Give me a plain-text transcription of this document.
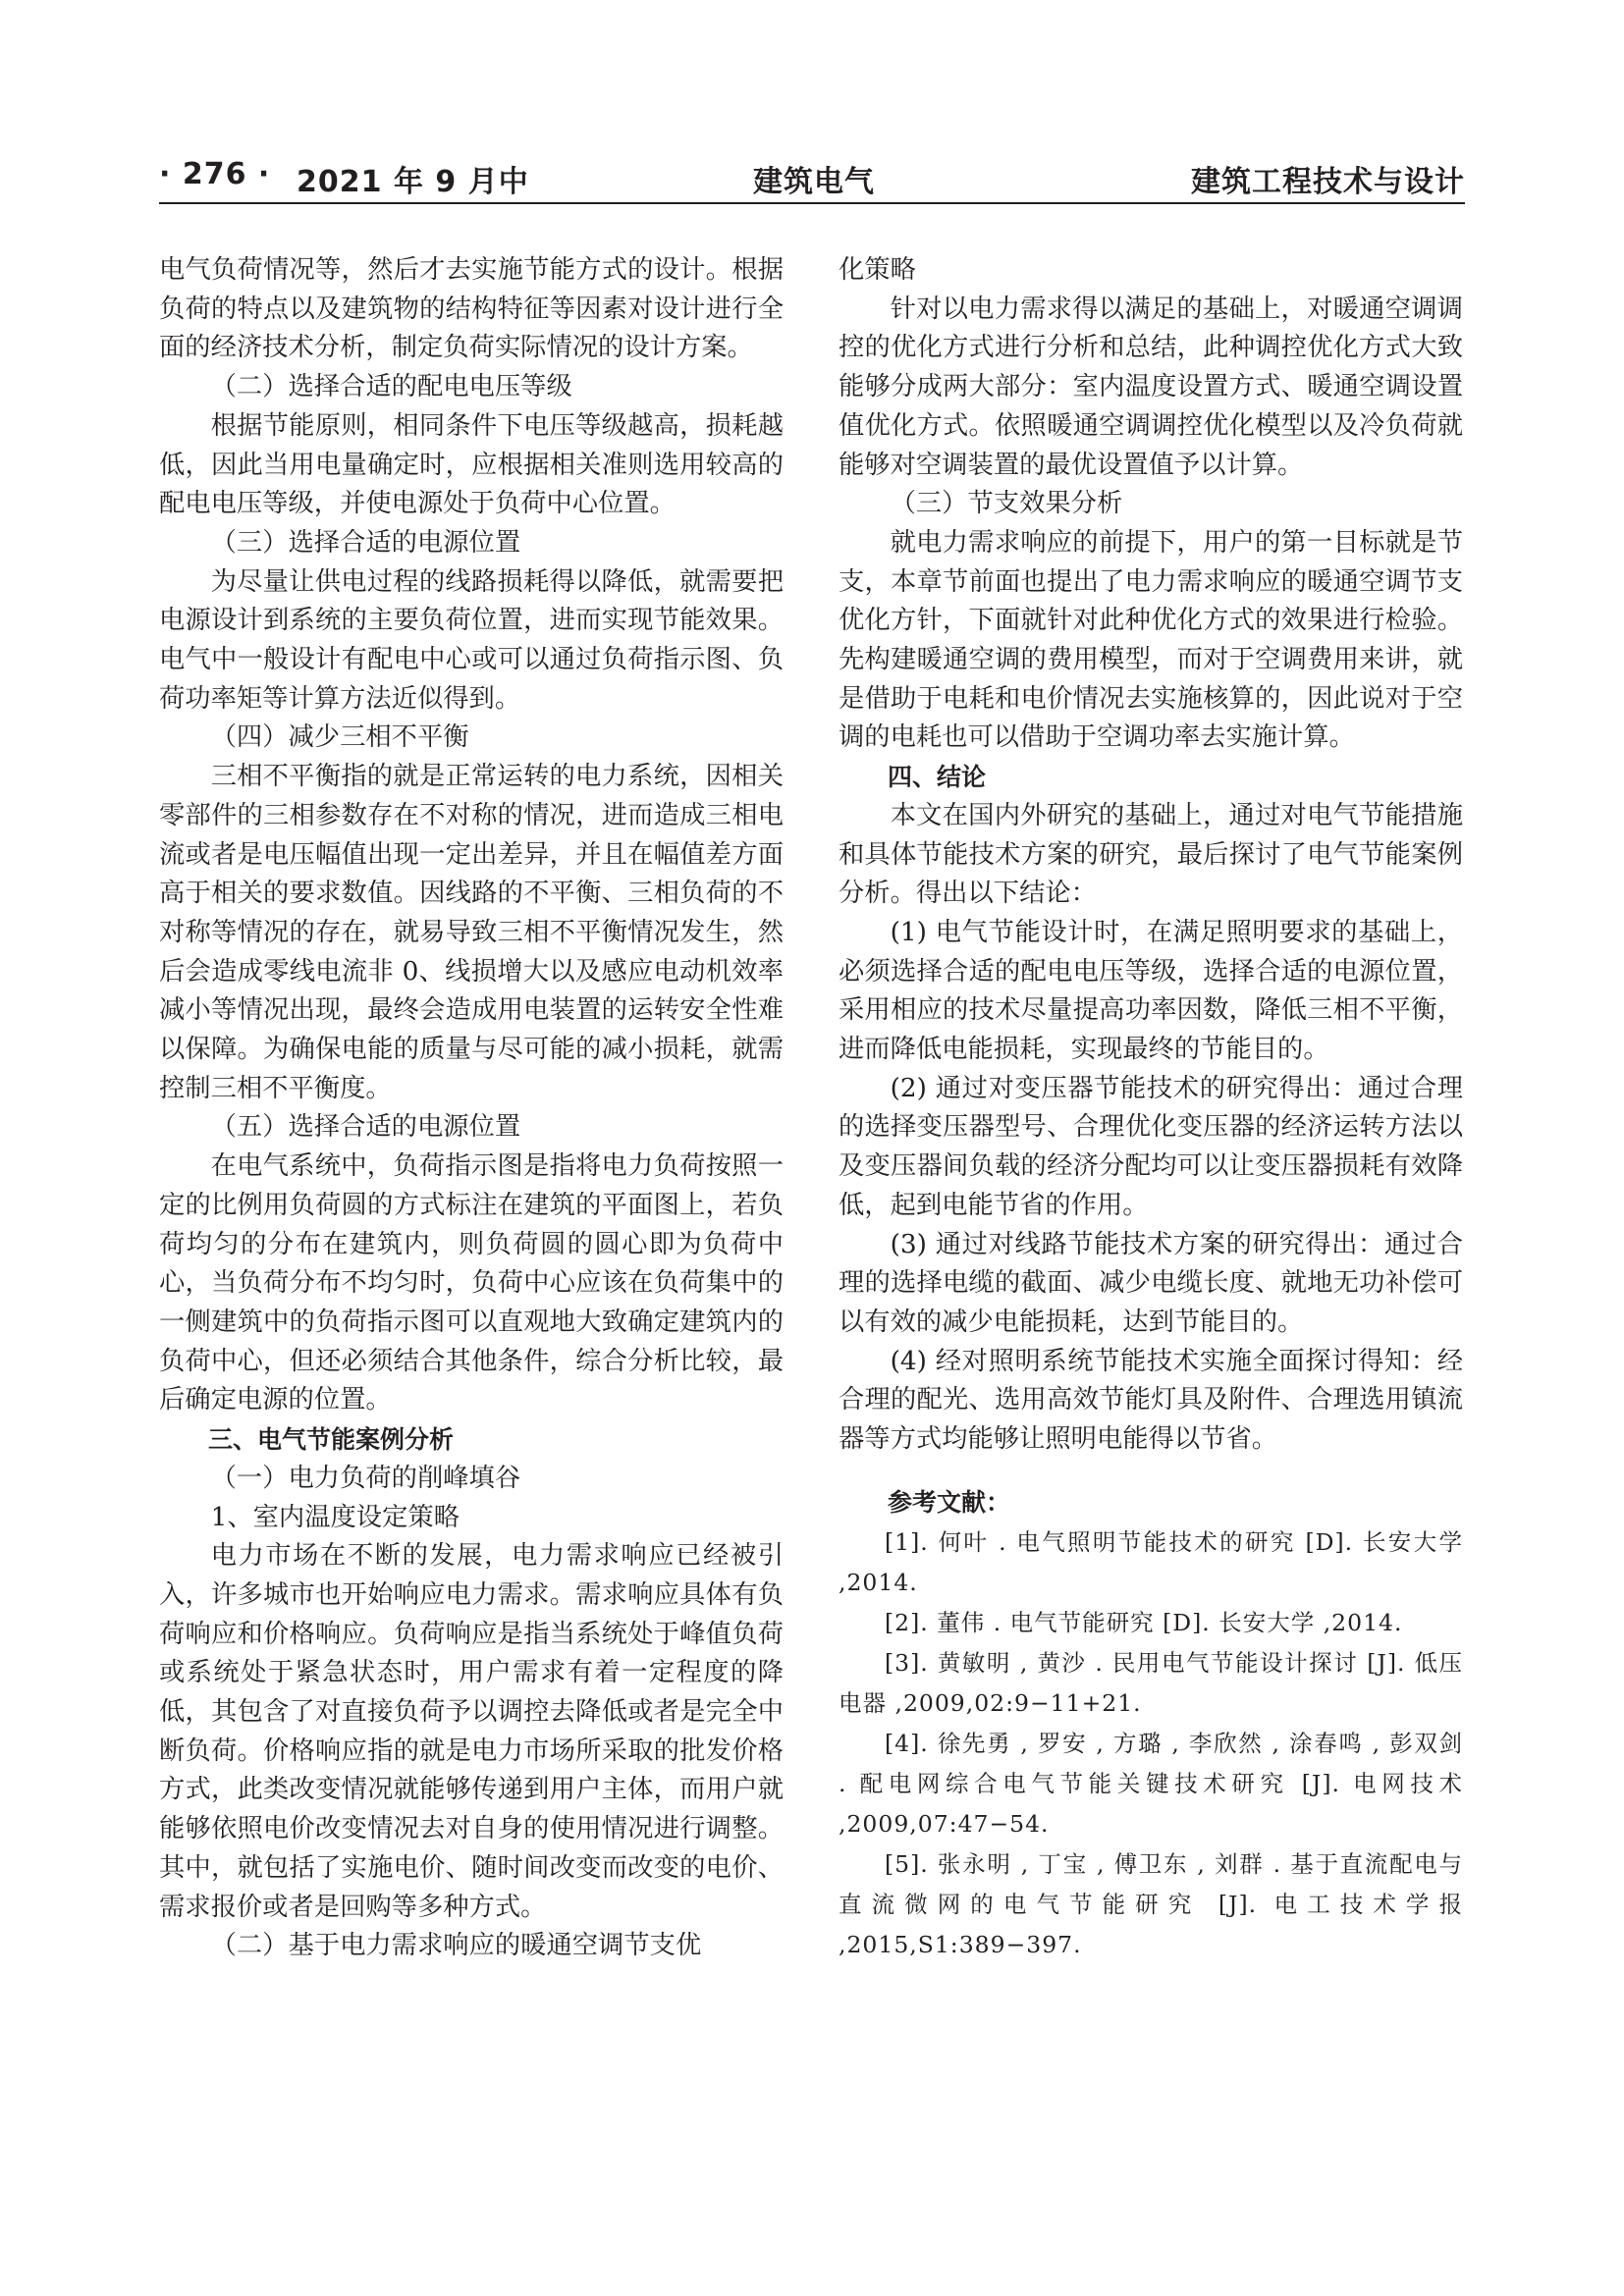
· 276 · 2021 年 9 月中	建筑电气	建筑工程技术与设计

电气负荷情况等，然后才去实施节能方式的设计。根据负荷的特点以及建筑物的结构特征等因素对设计进行全面的经济技术分析，制定负荷实际情况的设计方案。

（二）选择合适的配电电压等级

根据节能原则，相同条件下电压等级越高，损耗越低，因此当用电量确定时，应根据相关准则选用较高的配电电压等级，并使电源处于负荷中心位置。

（三）选择合适的电源位置

为尽量让供电过程的线路损耗得以降低，就需要把电源设计到系统的主要负荷位置，进而实现节能效果。电气中一般设计有配电中心或可以通过负荷指示图、负荷功率矩等计算方法近似得到。

（四）减少三相不平衡

三相不平衡指的就是正常运转的电力系统，因相关零部件的三相参数存在不对称的情况，进而造成三相电流或者是电压幅值出现一定出差异，并且在幅值差方面高于相关的要求数值。因线路的不平衡、三相负荷的不对称等情况的存在，就易导致三相不平衡情况发生，然后会造成零线电流非 0、线损增大以及感应电动机效率减小等情况出现，最终会造成用电装置的运转安全性难以保障。为确保电能的质量与尽可能的减小损耗，就需控制三相不平衡度。

（五）选择合适的电源位置

在电气系统中，负荷指示图是指将电力负荷按照一定的比例用负荷圆的方式标注在建筑的平面图上，若负荷均匀的分布在建筑内，则负荷圆的圆心即为负荷中心，当负荷分布不均匀时，负荷中心应该在负荷集中的一侧建筑中的负荷指示图可以直观地大致确定建筑内的负荷中心，但还必须结合其他条件，综合分析比较，最后确定电源的位置。

三、电气节能案例分析

（一）电力负荷的削峰填谷

1、室内温度设定策略

电力市场在不断的发展，电力需求响应已经被引入，许多城市也开始响应电力需求。需求响应具体有负荷响应和价格响应。负荷响应是指当系统处于峰值负荷或系统处于紧急状态时，用户需求有着一定程度的降低，其包含了对直接负荷予以调控去降低或者是完全中断负荷。价格响应指的就是电力市场所采取的批发价格方式，此类改变情况就能够传递到用户主体，而用户就能够依照电价改变情况去对自身的使用情况进行调整。其中，就包括了实施电价、随时间改变而改变的电价、需求报价或者是回购等多种方式。

（二）基于电力需求响应的暖通空调节支优

化策略

针对以电力需求得以满足的基础上，对暖通空调调控的优化方式进行分析和总结，此种调控优化方式大致能够分成两大部分：室内温度设置方式、暖通空调设置值优化方式。依照暖通空调调控优化模型以及冷负荷就能够对空调装置的最优设置值予以计算。

（三）节支效果分析

就电力需求响应的前提下，用户的第一目标就是节支，本章节前面也提出了电力需求响应的暖通空调节支优化方针，下面就针对此种优化方式的效果进行检验。先构建暖通空调的费用模型，而对于空调费用来讲，就是借助于电耗和电价情况去实施核算的，因此说对于空调的电耗也可以借助于空调功率去实施计算。

四、结论

本文在国内外研究的基础上，通过对电气节能措施和具体节能技术方案的研究，最后探讨了电气节能案例分析。得出以下结论：

(1) 电气节能设计时，在满足照明要求的基础上，必须选择合适的配电电压等级，选择合适的电源位置，采用相应的技术尽量提高功率因数，降低三相不平衡，进而降低电能损耗，实现最终的节能目的。

(2) 通过对变压器节能技术的研究得出：通过合理的选择变压器型号、合理优化变压器的经济运转方法以及变压器间负载的经济分配均可以让变压器损耗有效降低，起到电能节省的作用。

(3) 通过对线路节能技术方案的研究得出：通过合理的选择电缆的截面、减少电缆长度、就地无功补偿可以有效的减少电能损耗，达到节能目的。

(4) 经对照明系统节能技术实施全面探讨得知：经合理的配光、选用高效节能灯具及附件、合理选用镇流器等方式均能够让照明电能得以节省。

参考文献：

[1]. 何叶 . 电气照明节能技术的研究 [D]. 长安大学 ,2014.

[2]. 董伟 . 电气节能研究 [D]. 长安大学 ,2014.

[3]. 黄敏明 , 黄沙 . 民用电气节能设计探讨 [J]. 低压电器 ,2009,02:9−11+21.

[4]. 徐先勇 , 罗安 , 方璐 , 李欣然 , 涂春鸣 , 彭双剑 . 配电网综合电气节能关键技术研究 [J]. 电网技术 ,2009,07:47−54.

[5]. 张永明 , 丁宝 , 傅卫东 , 刘群 . 基于直流配电与直流微网的电气节能研究 [J]. 电工技术学报 ,2015,S1:389−397.
